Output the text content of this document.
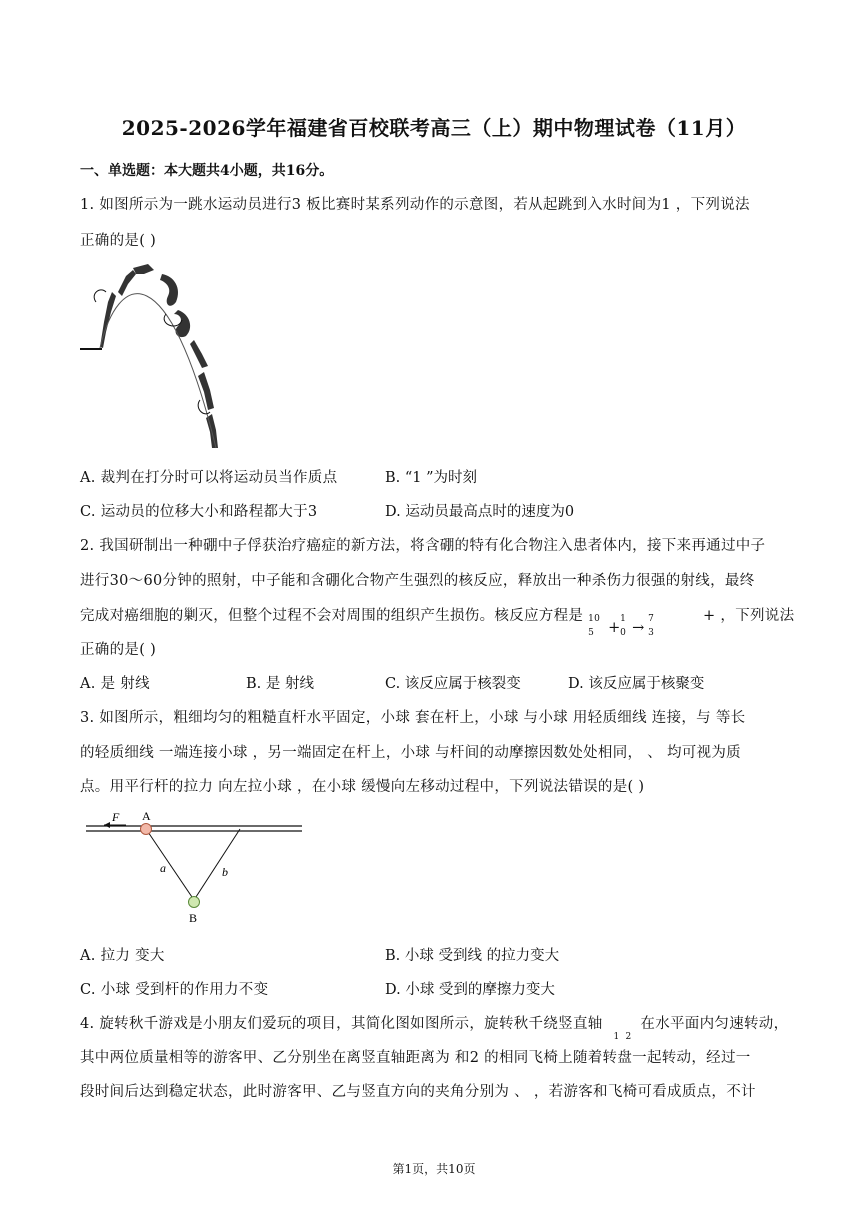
2025-2026学年福建省百校联考高三（上）期中物理试卷（11月）
一、单选题：本大题共4小题，共16分。
1. 如图所示为一跳水运动员进行3 板比赛时某系列动作的示意图，若从起跳到入水时间为1 ，下列说法
正确的是( )
A. 裁判在打分时可以将运动员当作质点	B. “1 ”为时刻
C. 运动员的位移大小和路程都大于3	D. 运动员最高点时的速度为0
2. 我国研制出一种硼中子俘获治疗癌症的新方法，将含硼的特有化合物注入患者体内，接下来再通过中子
进行30～60分钟的照射，中子能和含硼化合物产生强烈的核反应，释放出一种杀伤力很强的射线，最终
完成对癌细胞的剿灭，但整个过程不会对周围的组织产生损伤。核反应方程是 10
5 +
1
0 →
7
3
+ ，下列说法
正确的是( )
A. 是 射线	B. 是 射线	C. 该反应属于核裂变	D. 该反应属于核聚变
3. 如图所示，粗细均匀的粗糙直杆水平固定，小球 套在杆上，小球 与小球 用轻质细线 连接，与 等长
的轻质细线 一端连接小球 ，另一端固定在杆上，小球 与杆间的动摩擦因数处处相同， 、 均可视为质
点。用平行杆的拉力 向左拉小球 ，在小球 缓慢向左移动过程中，下列说法错误的是( )
F A
a	b
B
A. 拉力 变大	B. 小球 受到线 的拉力变大
C. 小球 受到杆的作用力不变	D. 小球 受到的摩擦力变大
4. 旋转秋千游戏是小朋友们爱玩的项目，其简化图如图所示，旋转秋千绕竖直轴
1 2
在水平面内匀速转动，
其中两位质量相等的游客甲、乙分别坐在离竖直轴距离为 和2 的相同飞椅上随着转盘一起转动，经过一
段时间后达到稳定状态，此时游客甲、乙与竖直方向的夹角分别为 、 ，若游客和飞椅可看成质点，不计
第1页，共10页
